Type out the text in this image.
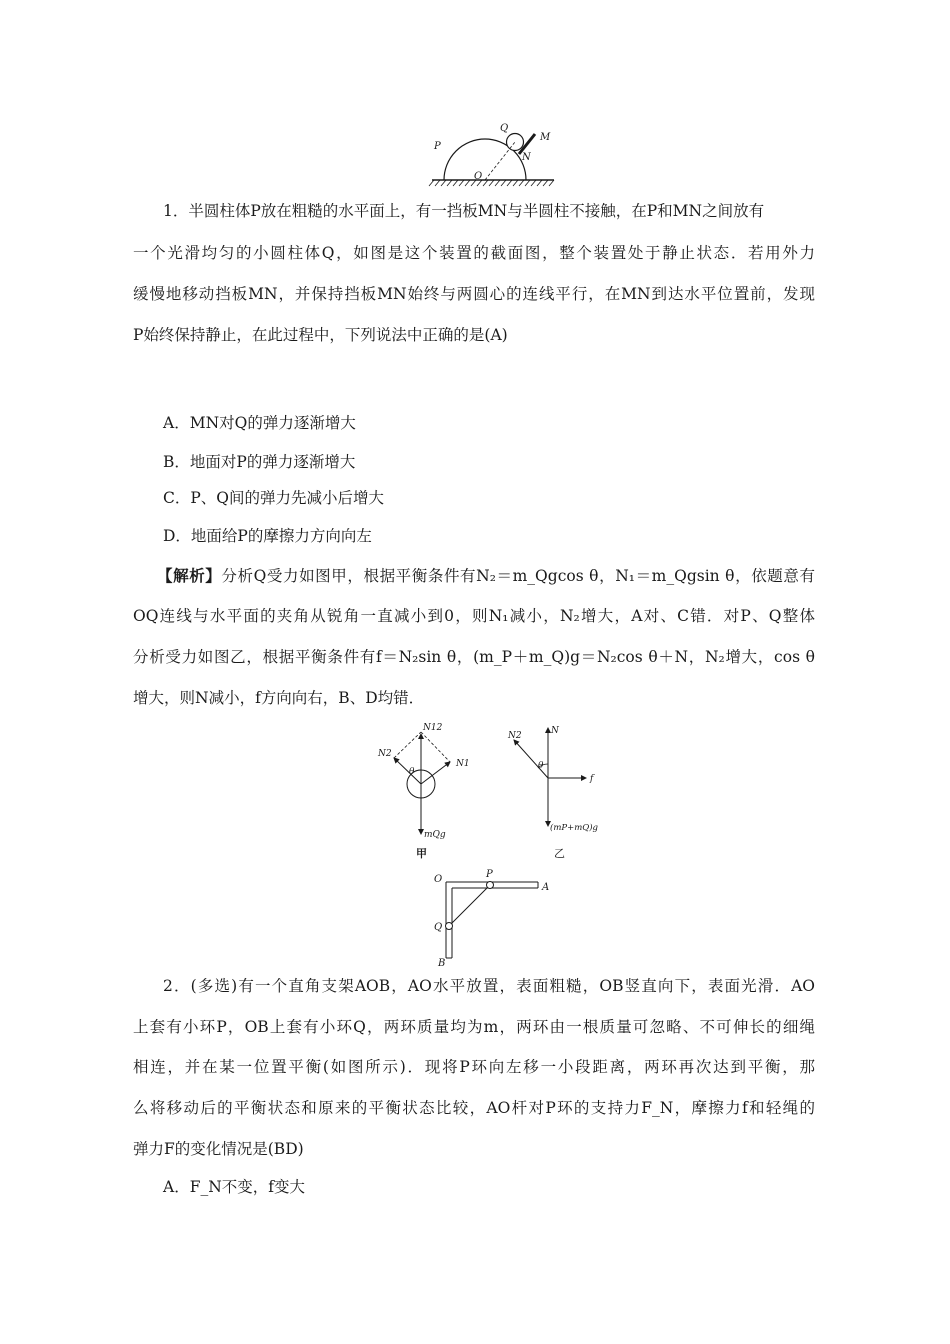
P
Q
M
N
O
1．半圆柱体P放在粗糙的水平面上，有一挡板MN与半圆柱不接触，在P和MN之间放有
一个光滑均匀的小圆柱体Q，如图是这个装置的截面图，整个装置处于静止状态．若用外力
缓慢地移动挡板MN，并保持挡板MN始终与两圆心的连线平行，在MN到达水平位置前，发现
P始终保持静止，在此过程中，下列说法中正确的是(A)
A．MN对Q的弹力逐渐增大
B．地面对P的弹力逐渐增大
C．P、Q间的弹力先减小后增大
D．地面给P的摩擦力方向向左
【解析】分析Q受力如图甲，根据平衡条件有N₂＝m_Qgcos θ，N₁＝m_Qgsin θ，依题意有
OQ连线与水平面的夹角从锐角一直减小到0，则N₁减小，N₂增大，A对、C错．对P、Q整体
分析受力如图乙，根据平衡条件有f＝N₂sin θ，(m_P＋m_Q)g＝N₂cos θ＋N，N₂增大，cos θ
增大，则N减小，f方向向右，B、D均错．
N12
N2
N1
θ
mQg
甲
N
N2
θ
f
(mP+mQ)g
乙
O	P
A
Q
B
2．(多选)有一个直角支架AOB，AO水平放置，表面粗糙，OB竖直向下，表面光滑．AO
上套有小环P，OB上套有小环Q，两环质量均为m，两环由一根质量可忽略、不可伸长的细绳
相连，并在某一位置平衡(如图所示)．现将P环向左移一小段距离，两环再次达到平衡，那
么将移动后的平衡状态和原来的平衡状态比较，AO杆对P环的支持力F_N，摩擦力f和轻绳的
弹力F的变化情况是(BD)
A．F_N不变，f变大
